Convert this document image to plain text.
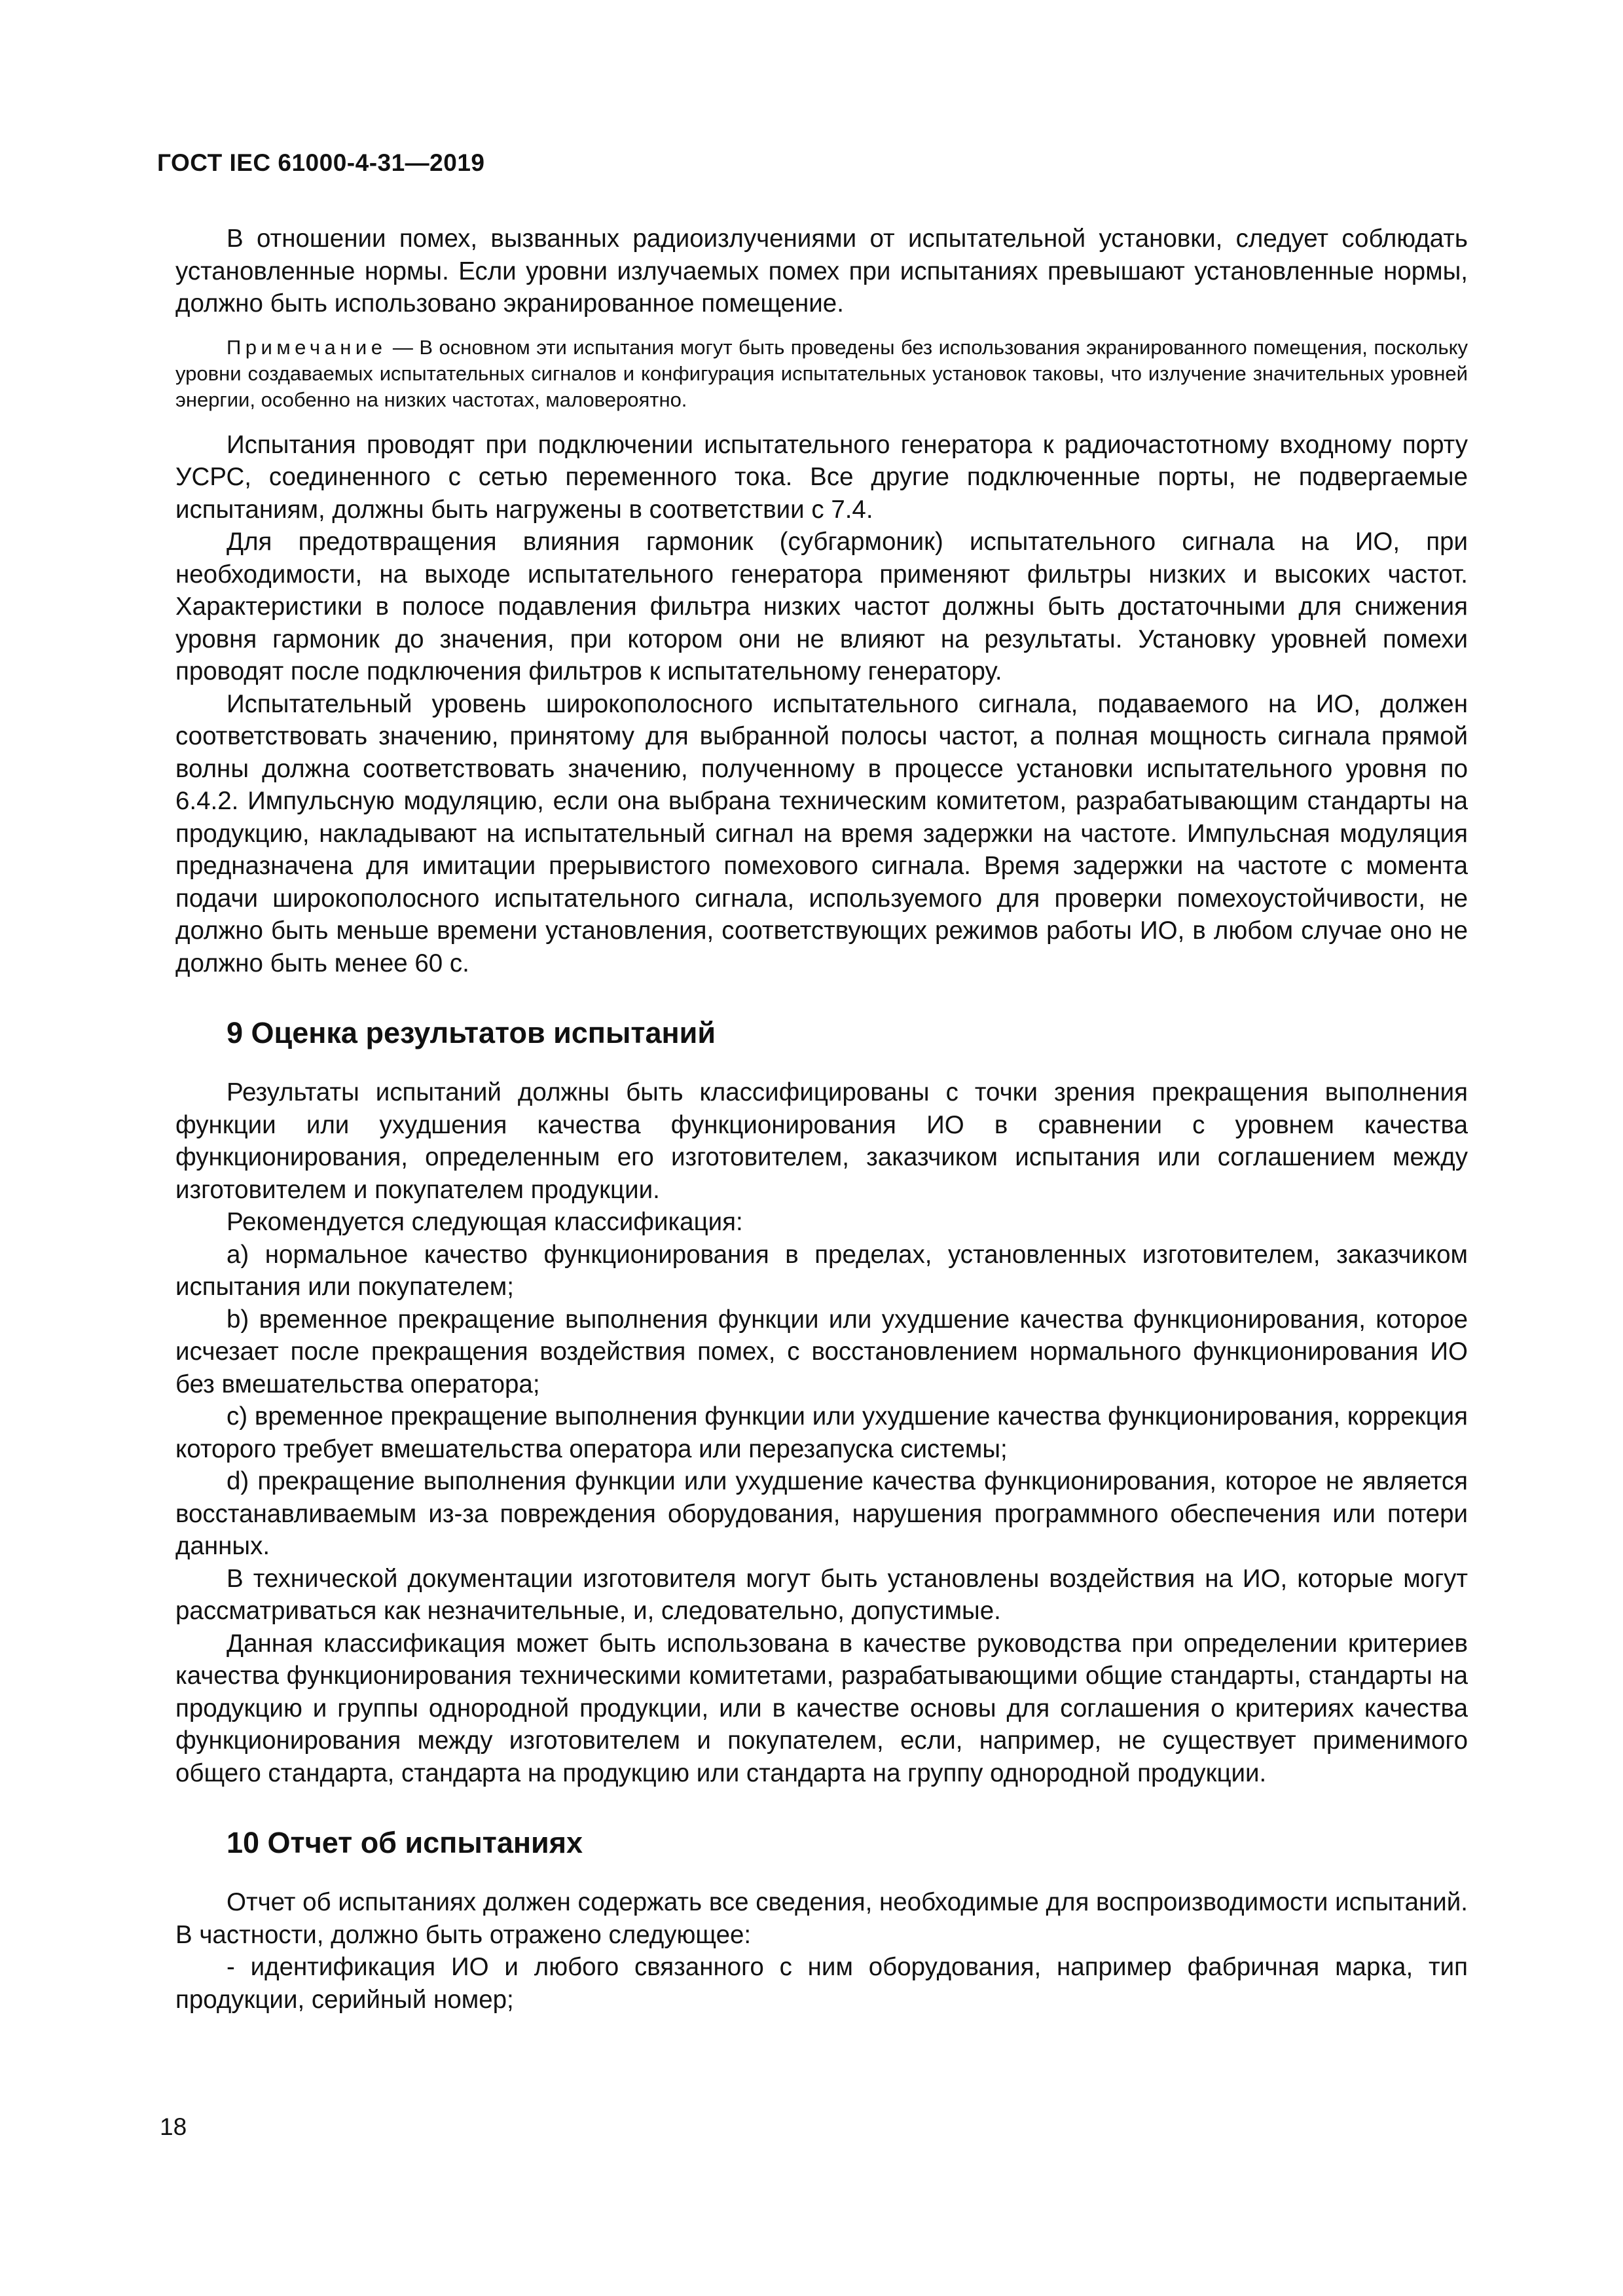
ГОСТ IEC 61000-4-31—2019

В отношении помех, вызванных радиоизлучениями от испытательной установки, следует соблюдать установленные нормы. Если уровни излучаемых помех при испытаниях превышают установленные нормы, должно быть использовано экранированное помещение.

Примечание — В основном эти испытания могут быть проведены без использования экранированного помещения, поскольку уровни создаваемых испытательных сигналов и конфигурация испытательных установок таковы, что излучение значительных уровней энергии, особенно на низких частотах, маловероятно.

Испытания проводят при подключении испытательного генератора к радиочастотному входному порту УСРС, соединенного с сетью переменного тока. Все другие подключенные порты, не подвергаемые испытаниям, должны быть нагружены в соответствии с 7.4.

Для предотвращения влияния гармоник (субгармоник) испытательного сигнала на ИО, при необходимости, на выходе испытательного генератора применяют фильтры низких и высоких частот. Характеристики в полосе подавления фильтра низких частот должны быть достаточными для снижения уровня гармоник до значения, при котором они не влияют на результаты. Установку уровней помехи проводят после подключения фильтров к испытательному генератору.

Испытательный уровень широкополосного испытательного сигнала, подаваемого на ИО, должен соответствовать значению, принятому для выбранной полосы частот, а полная мощность сигнала прямой волны должна соответствовать значению, полученному в процессе установки испытательного уровня по 6.4.2. Импульсную модуляцию, если она выбрана техническим комитетом, разрабатывающим стандарты на продукцию, накладывают на испытательный сигнал на время задержки на частоте. Импульсная модуляция предназначена для имитации прерывистого помехового сигнала. Время задержки на частоте с момента подачи широкополосного испытательного сигнала, используемого для проверки помехоустойчивости, не должно быть меньше времени установления, соответствующих режимов работы ИО, в любом случае оно не должно быть менее 60 с.

9 Оценка результатов испытаний

Результаты испытаний должны быть классифицированы с точки зрения прекращения выполнения функции или ухудшения качества функционирования ИО в сравнении с уровнем качества функционирования, определенным его изготовителем, заказчиком испытания или соглашением между изготовителем и покупателем продукции.

Рекомендуется следующая классификация:

а) нормальное качество функционирования в пределах, установленных изготовителем, заказчиком испытания или покупателем;

b) временное прекращение выполнения функции или ухудшение качества функционирования, которое исчезает после прекращения воздействия помех, с восстановлением нормального функционирования ИО без вмешательства оператора;

с) временное прекращение выполнения функции или ухудшение качества функционирования, коррекция которого требует вмешательства оператора или перезапуска системы;

d) прекращение выполнения функции или ухудшение качества функционирования, которое не является восстанавливаемым из-за повреждения оборудования, нарушения программного обеспечения или потери данных.

В технической документации изготовителя могут быть установлены воздействия на ИО, которые могут рассматриваться как незначительные, и, следовательно, допустимые.

Данная классификация может быть использована в качестве руководства при определении критериев качества функционирования техническими комитетами, разрабатывающими общие стандарты, стандарты на продукцию и группы однородной продукции, или в качестве основы для соглашения о критериях качества функционирования между изготовителем и покупателем, если, например, не существует применимого общего стандарта, стандарта на продукцию или стандарта на группу однородной продукции.

10 Отчет об испытаниях

Отчет об испытаниях должен содержать все сведения, необходимые для воспроизводимости испытаний. В частности, должно быть отражено следующее:

- идентификация ИО и любого связанного с ним оборудования, например фабричная марка, тип продукции, серийный номер;

18
